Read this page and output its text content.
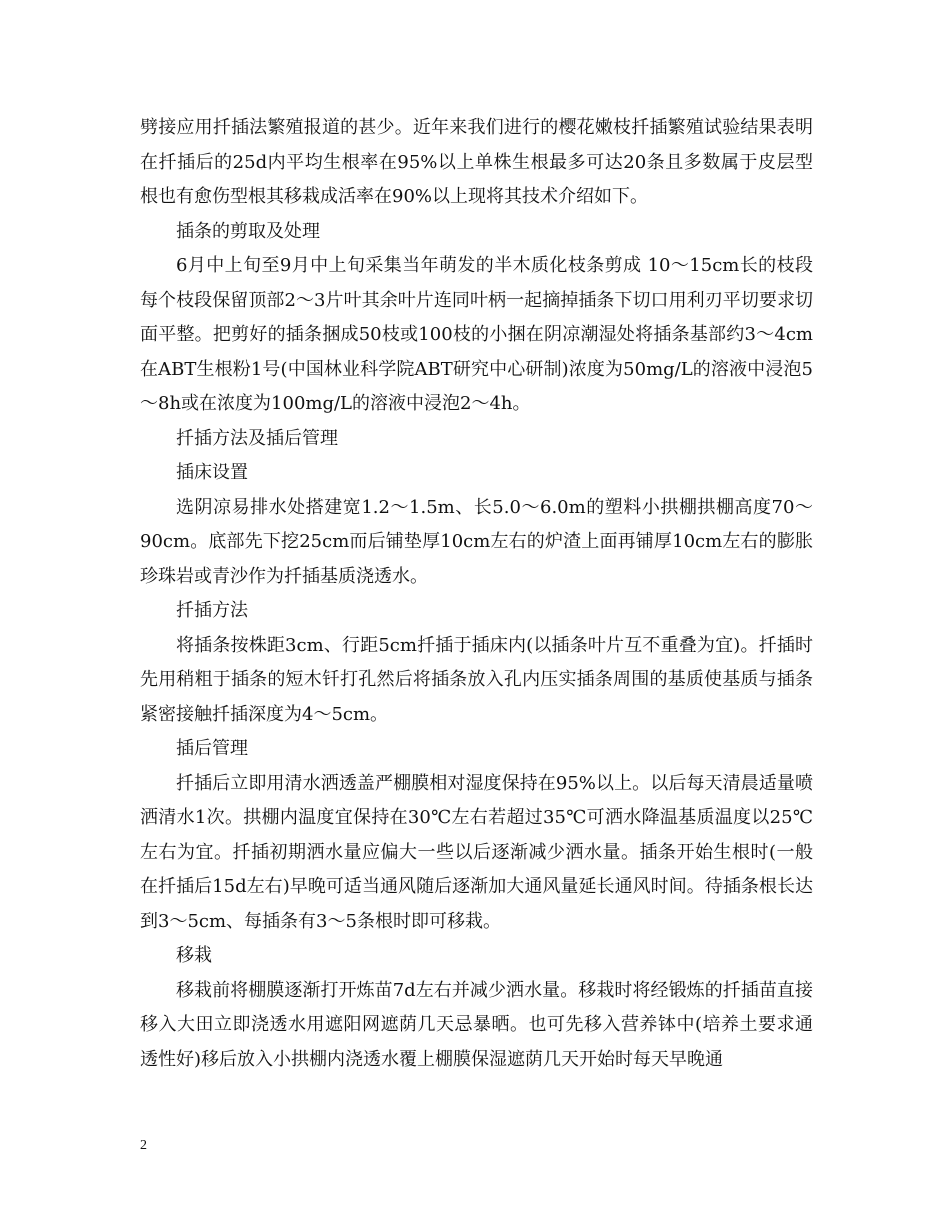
劈接应用扦插法繁殖报道的甚少。近年来我们进行的樱花嫩枝扦插繁殖试验结果表明在扦插后的25d内平均生根率在95%以上单株生根最多可达20条且多数属于皮层型根也有愈伤型根其移栽成活率在90%以上现将其技术介绍如下。

插条的剪取及处理

6月中上旬至9月中上旬采集当年萌发的半木质化枝条剪成 10～15cm长的枝段每个枝段保留顶部2～3片叶其余叶片连同叶柄一起摘掉插条下切口用利刃平切要求切面平整。把剪好的插条捆成50枝或100枝的小捆在阴凉潮湿处将插条基部约3～4cm在ABT生根粉1号(中国林业科学院ABT研究中心研制)浓度为50mg/L的溶液中浸泡5～8h或在浓度为100mg/L的溶液中浸泡2～4h。

扦插方法及插后管理

插床设置

选阴凉易排水处搭建宽1.2～1.5m、长5.0～6.0m的塑料小拱棚拱棚高度70～90cm。底部先下挖25cm而后铺垫厚10cm左右的炉渣上面再铺厚10cm左右的膨胀珍珠岩或青沙作为扦插基质浇透水。

扦插方法

将插条按株距3cm、行距5cm扦插于插床内(以插条叶片互不重叠为宜)。扦插时先用稍粗于插条的短木钎打孔然后将插条放入孔内压实插条周围的基质使基质与插条紧密接触扦插深度为4～5cm。

插后管理

扦插后立即用清水洒透盖严棚膜相对湿度保持在95%以上。以后每天清晨适量喷洒清水1次。拱棚内温度宜保持在30℃左右若超过35℃可洒水降温基质温度以25℃左右为宜。扦插初期洒水量应偏大一些以后逐渐减少洒水量。插条开始生根时(一般在扦插后15d左右)早晚可适当通风随后逐渐加大通风量延长通风时间。待插条根长达到3～5cm、每插条有3～5条根时即可移栽。

移栽

移栽前将棚膜逐渐打开炼苗7d左右并减少洒水量。移栽时将经锻炼的扦插苗直接移入大田立即浇透水用遮阳网遮荫几天忌暴晒。也可先移入营养钵中(培养土要求通透性好)移后放入小拱棚内浇透水覆上棚膜保湿遮荫几天开始时每天早晚通

2
